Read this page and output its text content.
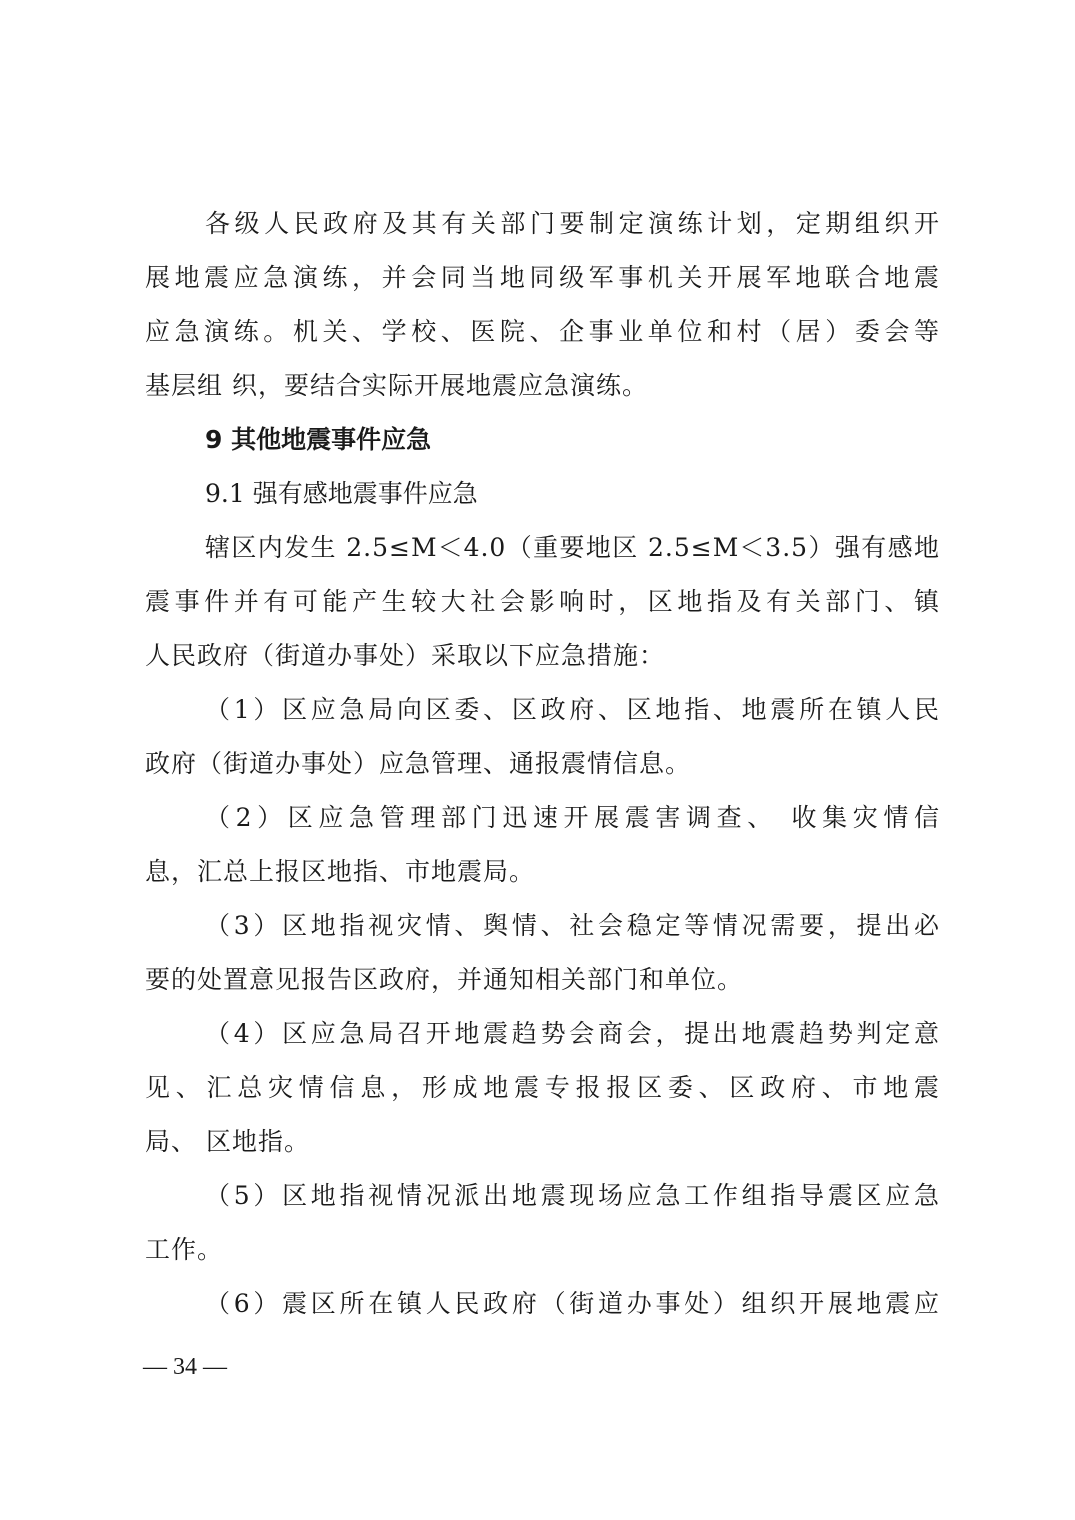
各级人民政府及其有关部门要制定演练计划，定期组织开
展地震应急演练，并会同当地同级军事机关开展军地联合地震
应急演练。机关、学校、医院、企事业单位和村（居）委会等
基层组 织，要结合实际开展地震应急演练。
9 其他地震事件应急
9.1 强有感地震事件应急
辖区内发生 2.5≤M＜4.0（重要地区 2.5≤M＜3.5）强有感地
震事件并有可能产生较大社会影响时，区地指及有关部门、镇
人民政府（街道办事处）采取以下应急措施：
（1）区应急局向区委、区政府、区地指、地震所在镇人民
政府（街道办事处）应急管理、通报震情信息。
（2）区应急管理部门迅速开展震害调查、 收集灾情信
息，汇总上报区地指、市地震局。
（3）区地指视灾情、舆情、社会稳定等情况需要，提出必
要的处置意见报告区政府，并通知相关部门和单位。
（4）区应急局召开地震趋势会商会，提出地震趋势判定意
见、汇总灾情信息，形成地震专报报区委、区政府、市地震
局、 区地指。
（5）区地指视情况派出地震现场应急工作组指导震区应急
工作。
（6）震区所在镇人民政府（街道办事处）组织开展地震应
— 34 —
